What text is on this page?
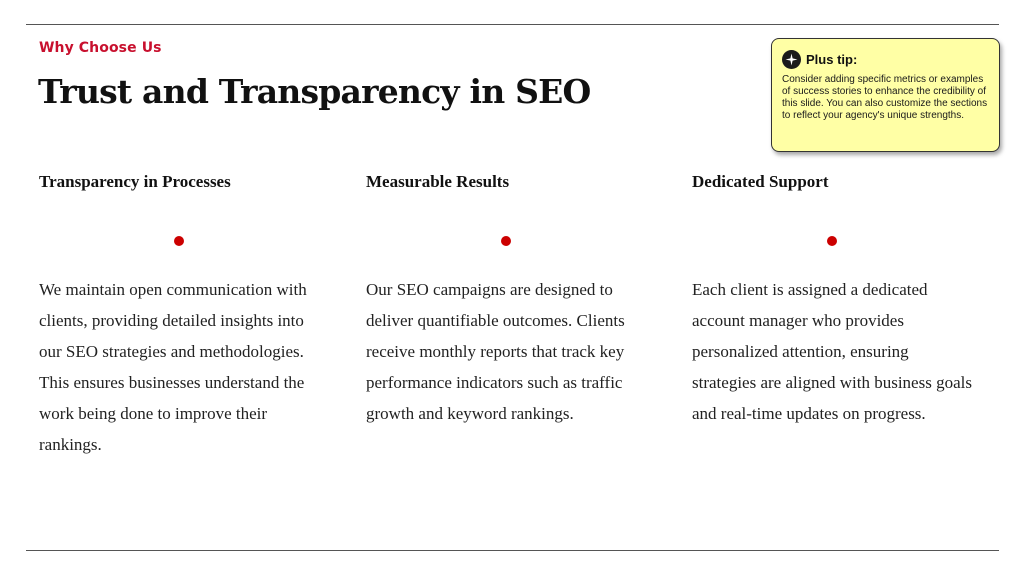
Why Choose Us
Trust and Transparency in SEO
Transparency in Processes
We maintain open communication with clients, providing detailed insights into our SEO strategies and methodologies. This ensures businesses understand the work being done to improve their rankings.
Measurable Results
Our SEO campaigns are designed to deliver quantifiable outcomes. Clients receive monthly reports that track key performance indicators such as traffic growth and keyword rankings.
Dedicated Support
Each client is assigned a dedicated account manager who provides personalized attention, ensuring strategies are aligned with business goals and real-time updates on progress.
Plus tip:
Consider adding specific metrics or examples of success stories to enhance the credibility of this slide. You can also customize the sections to reflect your agency's unique strengths.
